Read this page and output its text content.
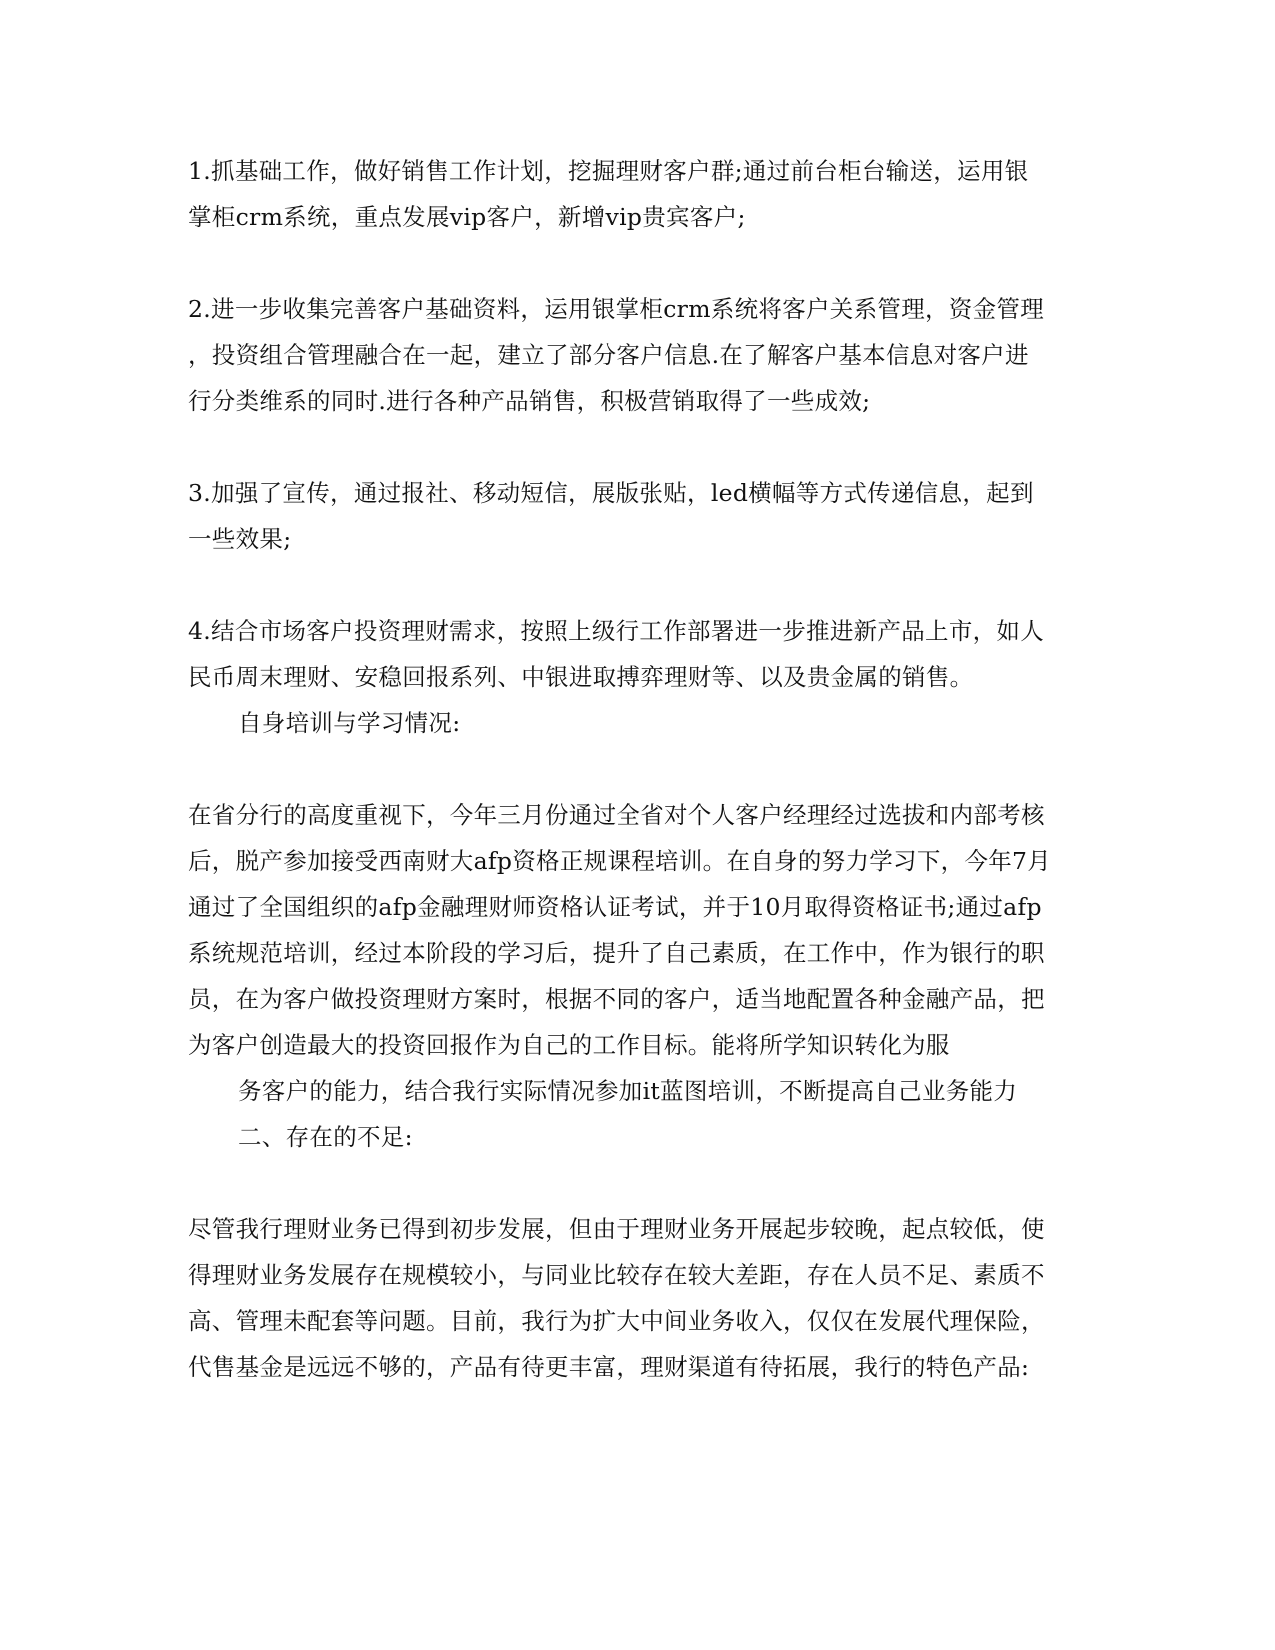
1.抓基础工作，做好销售工作计划，挖掘理财客户群;通过前台柜台输送，运用银

掌柜crm系统，重点发展vip客户，新增vip贵宾客户;

2.进一步收集完善客户基础资料，运用银掌柜crm系统将客户关系管理，资金管理

，投资组合管理融合在一起，建立了部分客户信息.在了解客户基本信息对客户进

行分类维系的同时.进行各种产品销售，积极营销取得了一些成效;

3.加强了宣传，通过报社、移动短信，展版张贴，led横幅等方式传递信息，起到

一些效果;

4.结合市场客户投资理财需求，按照上级行工作部署进一步推进新产品上市，如人

民币周末理财、安稳回报系列、中银进取搏弈理财等、以及贵金属的销售。

自身培训与学习情况:

在省分行的高度重视下，今年三月份通过全省对个人客户经理经过选拔和内部考核

后，脱产参加接受西南财大afp资格正规课程培训。在自身的努力学习下，今年7月

通过了全国组织的afp金融理财师资格认证考试，并于10月取得资格证书;通过afp

系统规范培训，经过本阶段的学习后，提升了自己素质，在工作中，作为银行的职

员，在为客户做投资理财方案时，根据不同的客户，适当地配置各种金融产品，把

为客户创造最大的投资回报作为自己的工作目标。能将所学知识转化为服

务客户的能力，结合我行实际情况参加it蓝图培训，不断提高自己业务能力

二、存在的不足:

尽管我行理财业务已得到初步发展，但由于理财业务开展起步较晚，起点较低，使

得理财业务发展存在规模较小，与同业比较存在较大差距，存在人员不足、素质不

高、管理未配套等问题。目前，我行为扩大中间业务收入，仅仅在发展代理保险，

代售基金是远远不够的，产品有待更丰富，理财渠道有待拓展，我行的特色产品:
